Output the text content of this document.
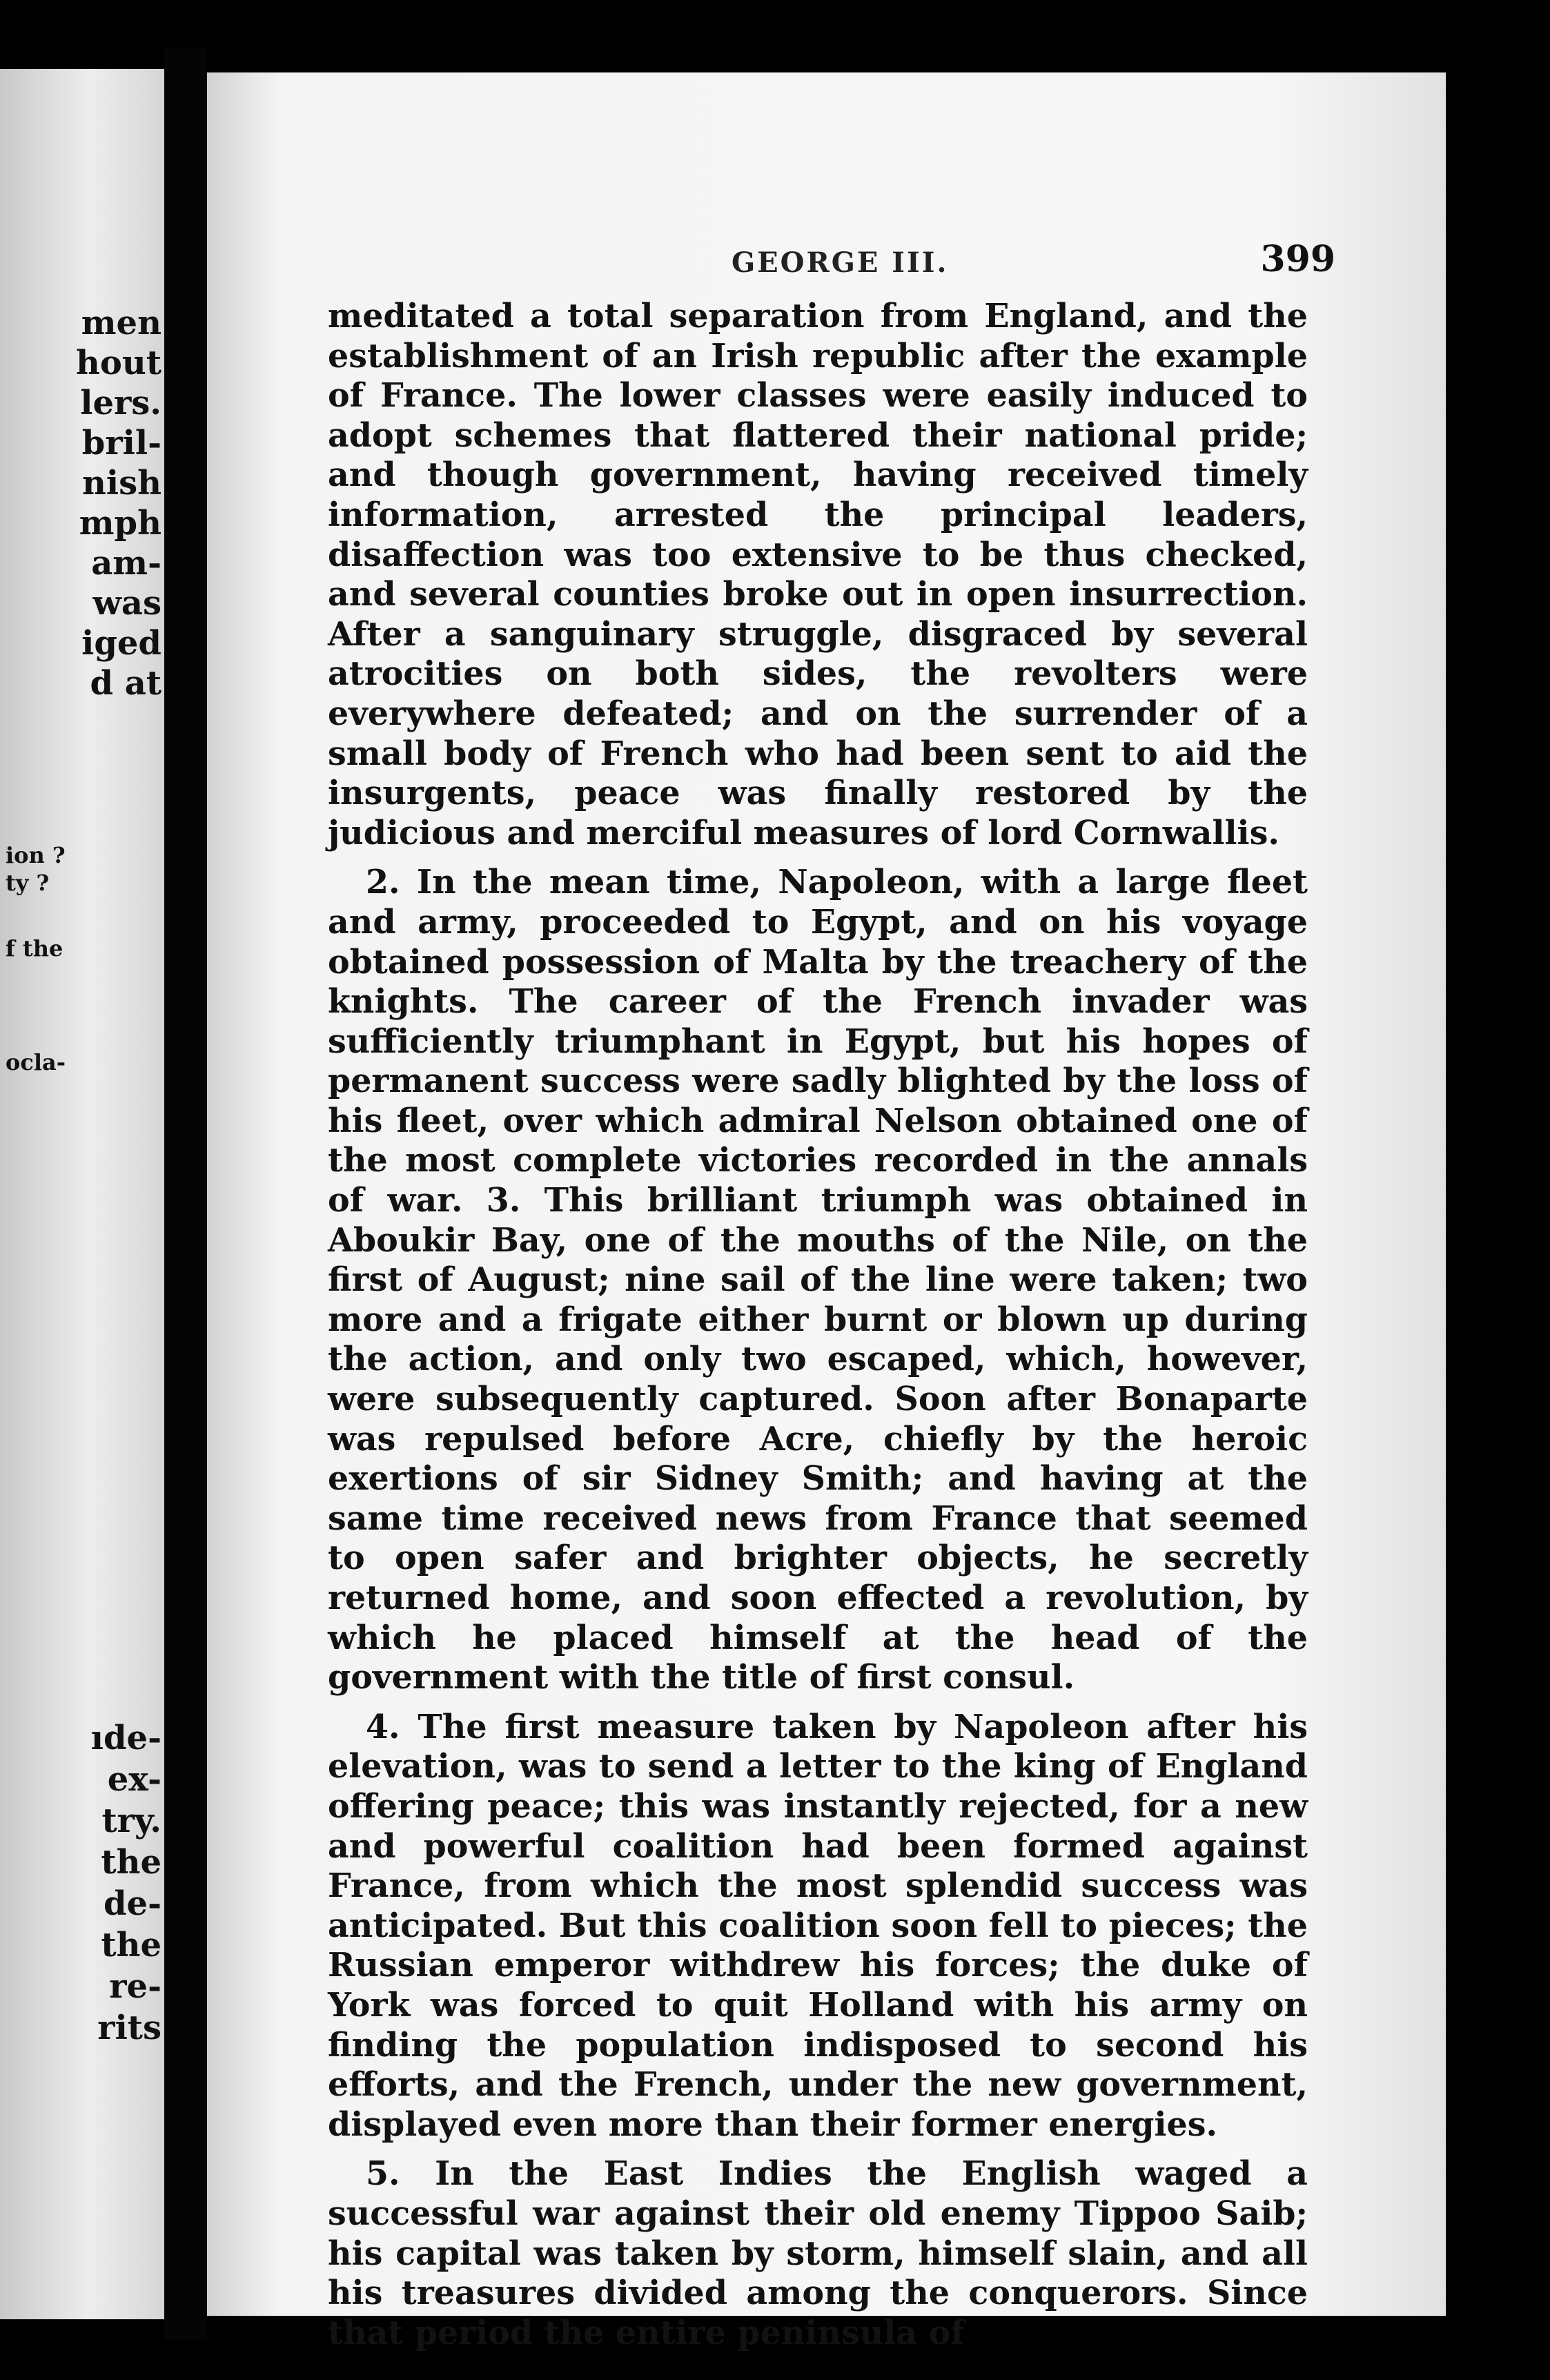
men
hout
lers.
bril-
nish
mph
am-
was
iged
d at
ion ?
ty ?
f the
ocla-
ıde-
ex-
try.
the
de-
the
re-
rits
GEORGE III.	399

meditated a total separation from England, and the establishment of an Irish republic after the example of France. The lower classes were easily induced to adopt schemes that flattered their national pride; and though government, having received timely information, arrested the principal leaders, disaffection was too extensive to be thus checked, and several counties broke out in open insurrection. After a sanguinary struggle, disgraced by several atrocities on both sides, the revolters were everywhere defeated; and on the surrender of a small body of French who had been sent to aid the insurgents, peace was finally restored by the judicious and merciful measures of lord Cornwallis.

2. In the mean time, Napoleon, with a large fleet and army, proceeded to Egypt, and on his voyage obtained possession of Malta by the treachery of the knights. The career of the French invader was sufficiently triumphant in Egypt, but his hopes of permanent success were sadly blighted by the loss of his fleet, over which admiral Nelson obtained one of the most complete victories recorded in the annals of war. 3. This brilliant triumph was obtained in Aboukir Bay, one of the mouths of the Nile, on the first of August; nine sail of the line were taken; two more and a frigate either burnt or blown up during the action, and only two escaped, which, however, were subsequently captured. Soon after Bonaparte was repulsed before Acre, chiefly by the heroic exertions of sir Sidney Smith; and having at the same time received news from France that seemed to open safer and brighter objects, he secretly returned home, and soon effected a revolution, by which he placed himself at the head of the government with the title of first consul.

4. The first measure taken by Napoleon after his elevation, was to send a letter to the king of England offering peace; this was instantly rejected, for a new and powerful coalition had been formed against France, from which the most splendid success was anticipated. But this coalition soon fell to pieces; the Russian emperor withdrew his forces; the duke of York was forced to quit Holland with his army on finding the population indisposed to second his efforts, and the French, under the new government, displayed even more than their former energies.

5. In the East Indies the English waged a successful war against their old enemy Tippoo Saib; his capital was taken by storm, himself slain, and all his treasures divided among the conquerors. Since that period the entire peninsula of
